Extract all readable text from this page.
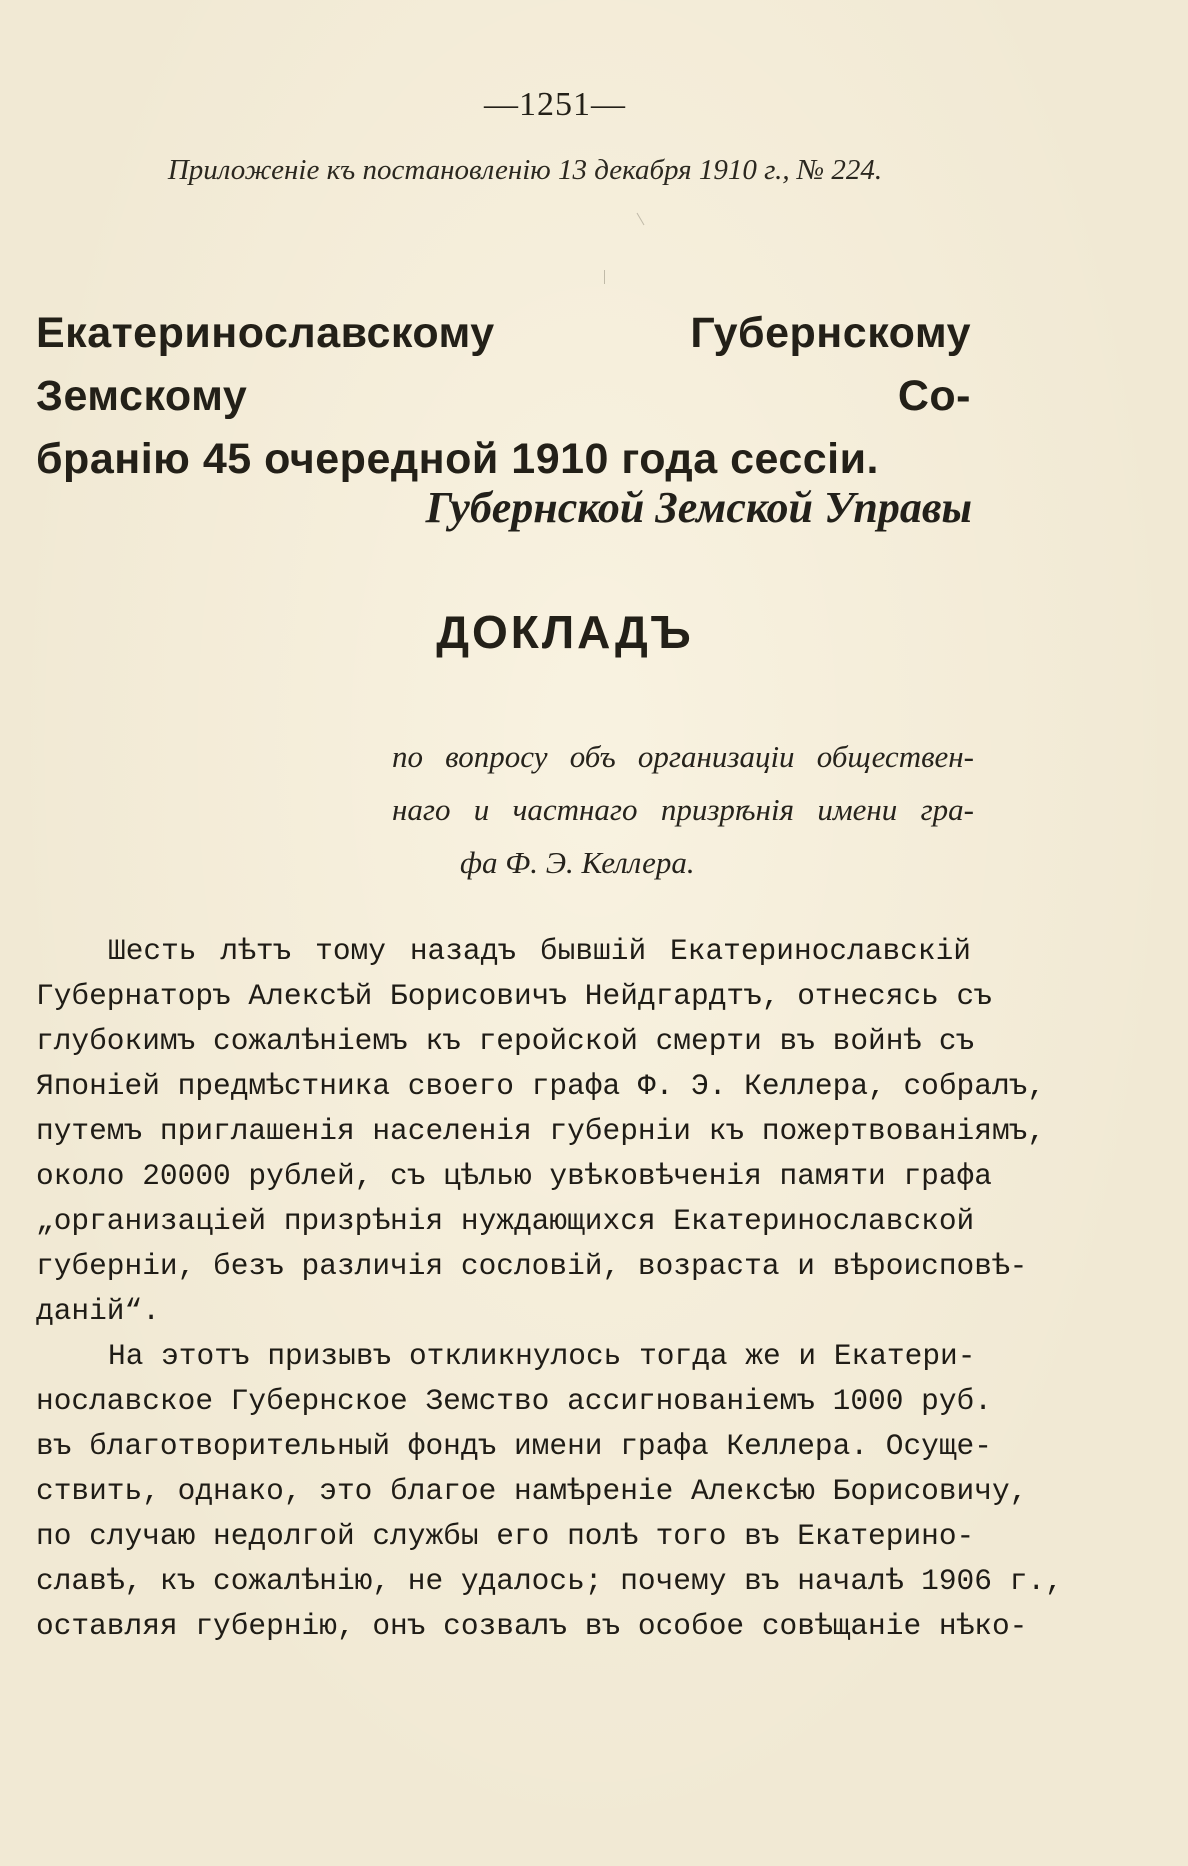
—1251—
Приложеніе къ постановленію 13 декабря 1910 г., № 224.
Екатеринославскому Губернскому Земскому Со-
бранію 45 очередной 1910 года сессіи.
Губернской Земской Управы
ДОКЛАДЪ
по вопросу объ организаціи обществен-
наго и частнаго призрѣнія имени гра-
фа Ф. Э. Келлера.

Шесть лѣтъ тому назадъ бывшій Екатеринославскій
Губернаторъ Алексѣй Борисовичъ Нейдгардтъ, отнесясь съ
глубокимъ сожалѣніемъ къ геройской смерти въ войнѣ съ
Японіей предмѣстника своего графа Ф. Э. Келлера, собралъ,
путемъ приглашенія населенія губерніи къ пожертвованіямъ,
около 20000 рублей, съ цѣлью увѣковѣченія памяти графа
„организаціей призрѣнія нуждающихся Екатеринославской
губерніи, безъ различія сословій, возраста и вѣроисповѣ-
даній“.

На этотъ призывъ откликнулось тогда же и Екатери-
нославское Губернское Земство ассигнованіемъ 1000 руб.
въ благотворительный фондъ имени графа Келлера. Осуще-
ствить, однако, это благое намѣреніе Алексѣю Борисовичу,
по случаю недолгой службы его полѣ того въ Екатерино-
славѣ, къ сожалѣнію, не удалось; почему въ началѣ 1906 г.,
оставляя губернію, онъ созвалъ въ особое совѣщаніе нѣко-
